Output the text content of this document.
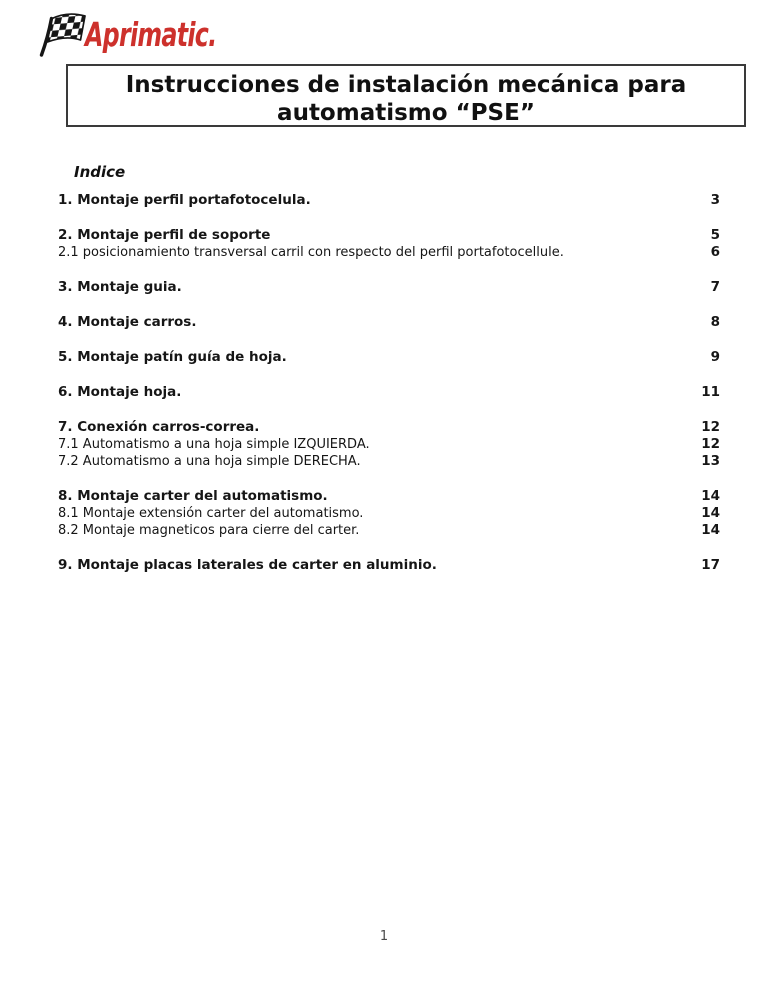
Aprimatic.
Instrucciones de instalación mecánica para
automatismo “PSE”
Indice
1. Montaje perfil portafotocelula.	3
2. Montaje perfil de soporte	5
2.1 posicionamiento transversal carril con respecto del perfil portafotocellule.	6
3. Montaje guia.	7
4. Montaje carros.	8
5. Montaje patín guía de hoja.	9
6. Montaje hoja.	11
7. Conexión carros-correa.	12
7.1 Automatismo a una hoja simple IZQUIERDA.	12
7.2 Automatismo a una hoja simple DERECHA.	13
8. Montaje carter del automatismo.	14
8.1 Montaje extensión carter del automatismo.	14
8.2 Montaje magneticos para cierre del carter.	14
9. Montaje placas laterales de carter en aluminio.	17
1
